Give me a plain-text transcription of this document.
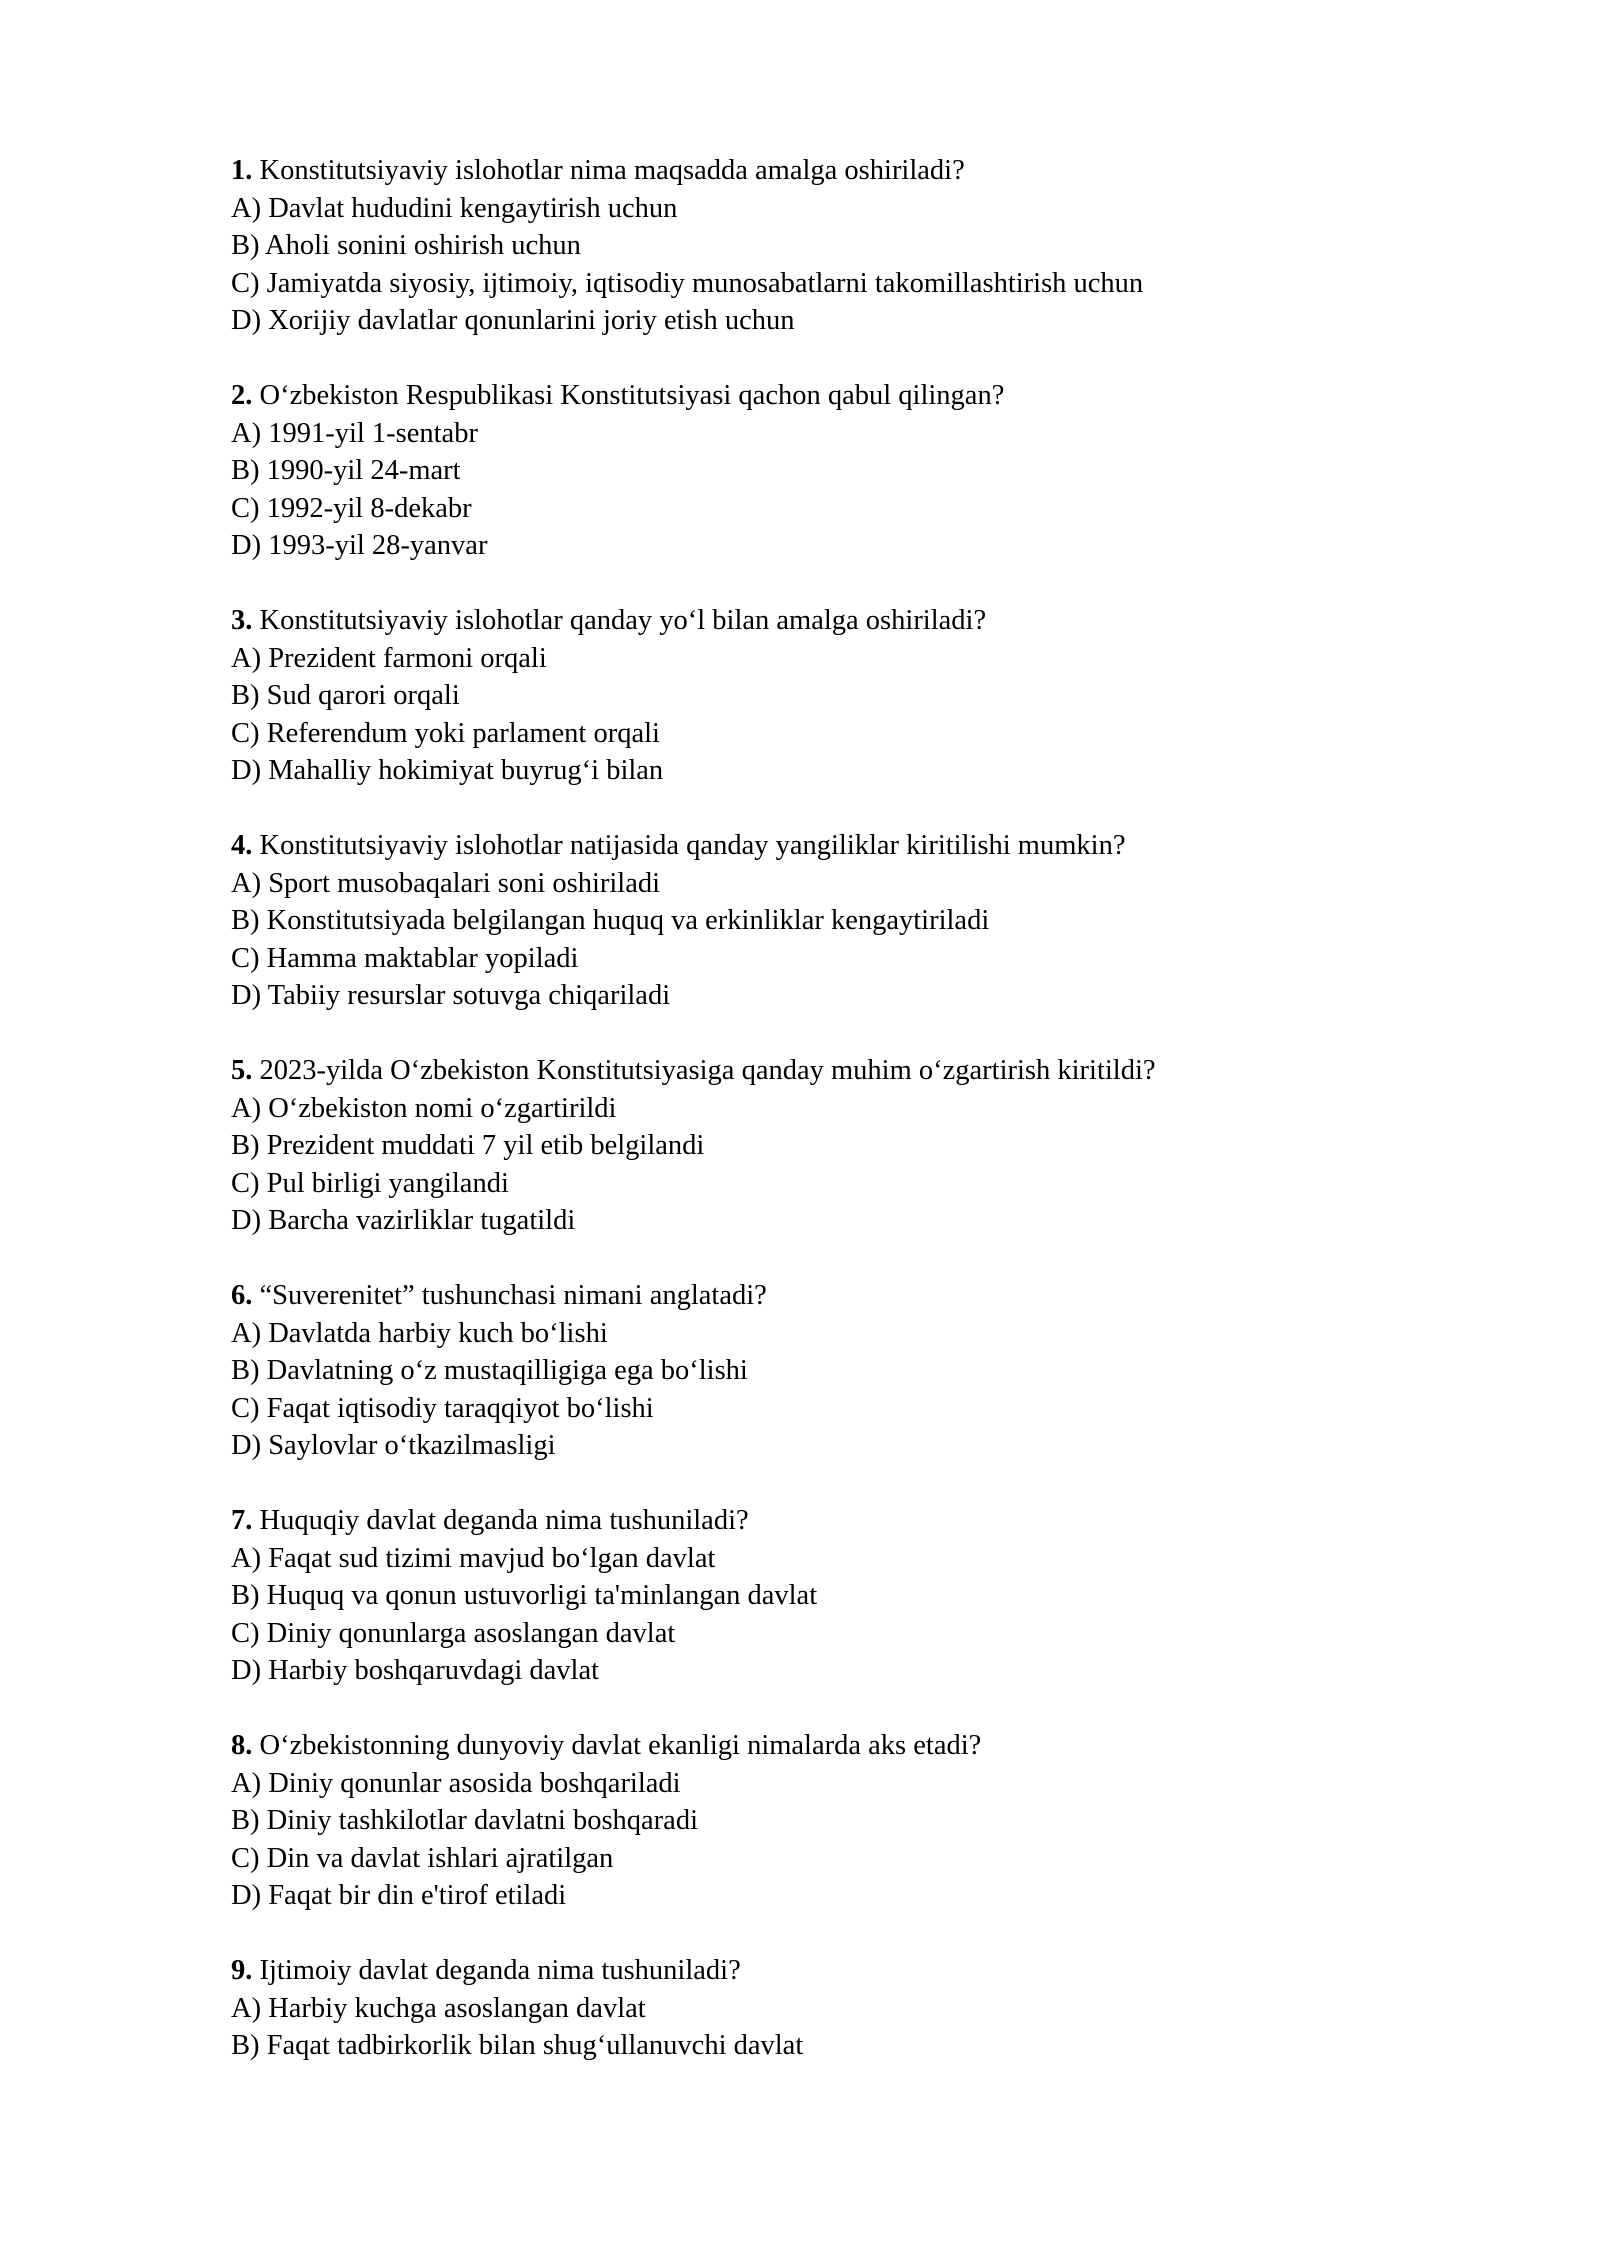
1. Konstitutsiyaviy islohotlar nima maqsadda amalga oshiriladi?
A) Davlat hududini kengaytirish uchun
B) Aholi sonini oshirish uchun
C) Jamiyatda siyosiy, ijtimoiy, iqtisodiy munosabatlarni takomillashtirish uchun
D) Xorijiy davlatlar qonunlarini joriy etish uchun
2. O‘zbekiston Respublikasi Konstitutsiyasi qachon qabul qilingan?
A) 1991-yil 1-sentabr
B) 1990-yil 24-mart
C) 1992-yil 8-dekabr
D) 1993-yil 28-yanvar
3. Konstitutsiyaviy islohotlar qanday yo‘l bilan amalga oshiriladi?
A) Prezident farmoni orqali
B) Sud qarori orqali
C) Referendum yoki parlament orqali
D) Mahalliy hokimiyat buyrug‘i bilan
4. Konstitutsiyaviy islohotlar natijasida qanday yangiliklar kiritilishi mumkin?
A) Sport musobaqalari soni oshiriladi
B) Konstitutsiyada belgilangan huquq va erkinliklar kengaytiriladi
C) Hamma maktablar yopiladi
D) Tabiiy resurslar sotuvga chiqariladi
5. 2023-yilda O‘zbekiston Konstitutsiyasiga qanday muhim o‘zgartirish kiritildi?
A) O‘zbekiston nomi o‘zgartirildi
B) Prezident muddati 7 yil etib belgilandi
C) Pul birligi yangilandi
D) Barcha vazirliklar tugatildi
6. “Suverenitet” tushunchasi nimani anglatadi?
A) Davlatda harbiy kuch bo‘lishi
B) Davlatning o‘z mustaqilligiga ega bo‘lishi
C) Faqat iqtisodiy taraqqiyot bo‘lishi
D) Saylovlar o‘tkazilmasligi
7. Huquqiy davlat deganda nima tushuniladi?
A) Faqat sud tizimi mavjud bo‘lgan davlat
B) Huquq va qonun ustuvorligi ta'minlangan davlat
C) Diniy qonunlarga asoslangan davlat
D) Harbiy boshqaruvdagi davlat
8. O‘zbekistonning dunyoviy davlat ekanligi nimalarda aks etadi?
A) Diniy qonunlar asosida boshqariladi
B) Diniy tashkilotlar davlatni boshqaradi
C) Din va davlat ishlari ajratilgan
D) Faqat bir din e'tirof etiladi
9. Ijtimoiy davlat deganda nima tushuniladi?
A) Harbiy kuchga asoslangan davlat
B) Faqat tadbirkorlik bilan shug‘ullanuvchi davlat
